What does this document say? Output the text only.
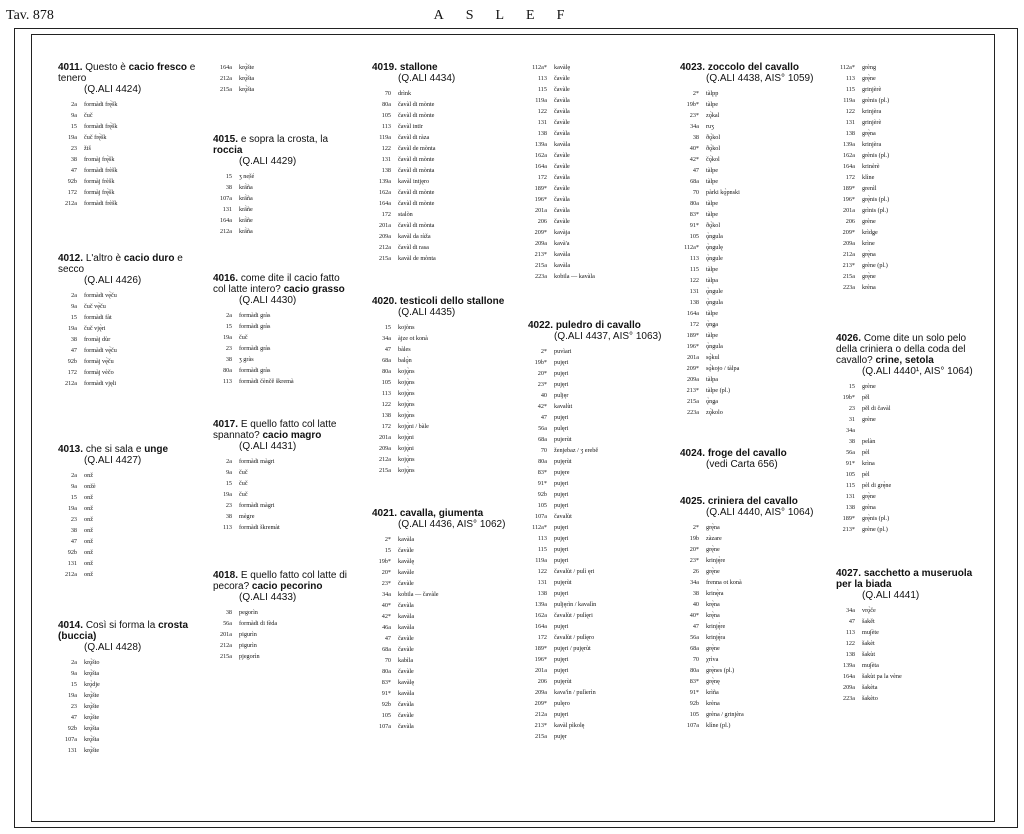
Tav. 878	ASLEF
4011. Questo è cacio fresco e tenero
(Q.ALI 4424)
2a	formàdi frę̀šk
9a	čuč
15	formàdi frę̀šk
19a	čuč frę̀šk
23	žiš
38	fromàj frę̀šk
47	formàdi frèšk
92b	formàj frèšk
172	formàj frę̀šk
212a	formàdi frèšk
4012. L'altro è cacio duro e secco
(Q.ALI 4426)
2a	formàdi vę̀ču
9a	čuč vę̀ču
15	formàdi fàt
19a	čuč vję̀ri
38	fromàj dùr
47	formàdi vę̀ču
92b	formàj vę̀ču
172	formàj vèčo
212a	formàdi vjęli
4013. che si sala e unge
(Q.ALI 4427)
2a	onž
9a	onžè
15	onž
19a	onž
23	onž
38	onž
47	onž
92b	onž
131	onž
212a	onž
4014. Così si forma la crosta (buccia)
(Q.ALI 4428)
2a	krǫ̀što
9a	krǫ̀šta
15	krǫ̀dje
19a	krǫ̀šte
23	krǫ̀šte
47	krǫ̀šte
92b	krǫ̀šta
107a	krǫ̀šta
131	krǫ̀šte
164a	krǫ̀šte
212a	krǫ̀šta
215a	krǫ̀šta
4015. e sopra la crosta, la roccia
(Q.ALI 4429)
15	ʒ ne̜šé
38	krā̀ña
107a	krā̀ña
131	krā̀ñe
164a	krā̀ñe
212a	krā̀ña
4016. come dite il cacio fatto col latte intero? cacio grasso
(Q.ALI 4430)
2a	formàdi gràs
15	formàdi gràs
19a	čuč
23	formàdi gràs
38	ʒ gràs
80a	formàdi gràs
113	formàdi čènčě škremà
4017. E quello fatto col latte spannato? cacio magro
(Q.ALI 4431)
2a	formàdi màgri
9a	čuč
15	čuč
19a	čuč
23	formàdi màgri
38	mègre
113	formàdi škremàt
4018. E quello fatto col latte di pecora? cacio pecorino
(Q.ALI 4433)
38	pegorìn
56a	formàdi di fèda
201a	pigurìn
212a	pigurìn
215a	pjegorìn
4019. stallone
(Q.ALI 4434)
70	drìnk
80a	čavàl di mònte
105	čavàl di mònte
113	čavàl intīr
119a	čavàl di ràza
122	čavàl de mònta
131	čavàl di mònte
138	čavàl di mònta
139a	kavàl intjęro
162a	čavàl di mònte
164a	čavàl di mònte
172	stalòn
201a	čavàl di mònta
209a	kavàl da ràža
212a	čavàl di rasa
215a	kavàl de mònta
4020. testicoli dello stallone
(Q.ALI 4435)
15	kojòns
34a	àjze ot konà
47	bàles
68a	balǫ̀n
80a	kojǫ̀ns
105	kojǫ̀ns
113	kojǫ̀ns
122	kojǫ̀ns
138	kojǫ̀ns
172	kojǫ̀ni / bàle
201a	kojǫ̀ni
209a	kojǫ̀ni
212a	kojǫ̀ns
215a	kojǫ̀ns
4021. cavalla, giumenta
(Q.ALI 4436, AIS° 1062)
2*	kavàla
15	čavàle
19b*	kavàlę
20*	kavàle
23*	čavàle
34a	kobila — čavàle
40*	čavàla
42*	kavàla
46a	kavàla
47	čavàle
68a	čavàle
70	kabìla
80a	čavàle
83*	kavàlę
91*	kavàla
92b	čavàla
105	čavàle
107a	čavàla
112a*	kavàlę
113	čavàle
115	čavàle
119a	čavàla
122	čavàla
131	čavàle
138	čavàla
139a	kavàla
162a	čavàle
164a	čavàle
172	čavàla
189*	čavàle
196*	čavàla
201a	čavàla
206	čavàle
209*	kavàja
209a	kavà'a
213*	kavàla
215a	kavàla
223a	kobila — kavàla
4022. puledro di cavallo
(Q.ALI 4437, AIS° 1063)
2*	puvìari
19b*	pujęri
20*	pujęri
23*	pujęri
40	puljęr
42*	kavalùt
47	pujęri
56a	pulęri
68a	pujerùt
70	ženjebaz / ʒ erebě
80a	pujęrùt
83*	pujęre
91*	pujęri
92b	pujęri
105	pujęri
107a	čavalùt
112a*	pujęri
113	pujęri
115	pujęri
119a	pujęri
122	čavalùt / pulì ęri
131	pujęrùt
138	pujęri
139a	puljęrìn / kavalìn
162a	čavalùt / pulìęri
164a	pujęri
172	čavalùt / pulìęro
189*	pujęri / pujęrùt
196*	pujęri
201a	pujęri
206	pujęrùt
209a	kava'ìn / pulìerìn
209*	pulęro
212a	pujęri
213*	kavàl pìkolę
215a	pujęr
4023. zoccolo del cavallo
(Q.ALI 4438, AIS° 1059)
2*	tàlpp
19b*	tàlpe
23*	zǫ̀kal
34a	ruʒ
38	ðǫ̀kol
40*	ðǫ̀kol
42*	čǫ̀kol
47	tàlpe
68a	tàlpe
70	pàrki kǫ̀pnski
80a	tàlpe
83*	tàlpe
91*	ðǫ̀kol
105	ǫ̀ngula
112a*	ǫ̀ngulę
113	ǫ̀ngule
115	tàlpe
122	tàlpa
131	ǫ̀ngule
138	ǫ̀ngula
164a	tàlpe
172	ǫ̀nǥa
189*	tàlpe
196*	ǫ̀ngula
201a	sǫ̀kul
209*	sǫ̀kojo / tàlpa
209a	tàlpa
213*	tàlpe (pl.)
215a	ǫ̀nǥa
223a	zǫ̀kolo
4024. froge del cavallo
(vedi Carta 656)
4025. criniera del cavallo
(Q.ALI 4440, AIS° 1064)
2*	grę̀na
19b	zàzare
20*	grę̀ne
23*	krinję̀re
26	grę̀ne
34a	frenna ot konà
38	krinę̀ra
40	krę̀na
40*	krę̀na
47	krinję̀re
56a	krinję̀ra
68a	grę̀ne
70	χrìva
80a	grę̀nes (pl.)
83*	grę̀nę
91*	krìña
92b	krèna
105	grèna / grinjèra
107a	klìne (pl.)
112a*	grèng
113	grę̀ne
115	grinjèrè
119a	grènis (pl.)
122	krinjèra
131	grinjèrè
138	grę̀na
139a	krinjèra
162a	grènis (pl.)
164a	krinèrè
172	klìne
189*	grenìl
196*	grę̀nis (pl.)
201a	grìnis (pl.)
206	grène
209*	krìdǥe
209a	krìne
212a	grę̀na
213*	grène (pl.)
215a	grę̀ne
223a	krèna
4026. Come dite un solo pelo della criniera o della coda del cavallo? crine, setola
(Q.ALI 4440¹, AIS° 1064)
15	grène
19b*	pěl
23	pěl di čavàl
31	grène
34a
38	pelàn
56a	pèl
91*	krìna
105	pèl
115	pèl di grę̀ne
131	grę̀ne
138	grèna
189*	grę̀nis (pl.)
213*	grène (pl.)
4027. sacchetto a museruola per la biada
(Q.ALI 4441)
34a	vrǫ̀če
47	šakět
113	mu∫ète
122	šakèt
138	šakùt
139a	mu∫èta
164a	šakùt pa la vène
209a	šakèta
223a	šakèto
